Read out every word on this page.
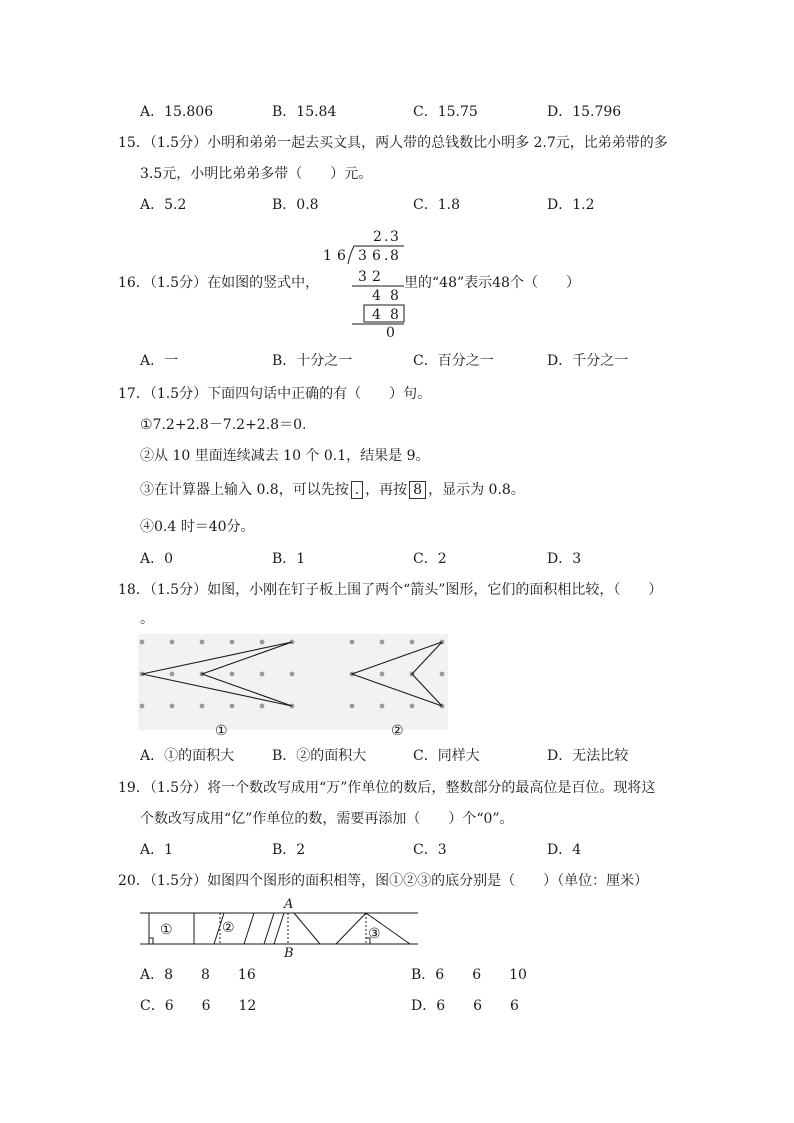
A．15.806	B．15.84	C．15.75	D．15.796
15．（1.5分）小明和弟弟一起去买文具，两人带的总钱数比小明多 2.7元，比弟弟带的多
3.5元，小明比弟弟多带（　　）元。
A．5.2	B．0.8	C．1.8	D．1.2
16．（1.5分）在如图的竖式中，
2 . 3
1 6 3 6 . 8
3 2
4 8
4 8
0
里的“48”表示48个（　　）
A．一	B．十分之一	C．百分之一	D．千分之一
17．（1.5分）下面四句话中正确的有（　　）句。
①7.2+2.8－7.2+2.8＝0.
②从 10 里面连续减去 10 个 0.1，结果是 9。
③在计算器上输入 0.8，可以先按 . ，再按 8 ，显示为 0.8。
④0.4 时＝40分。
A．0	B．1	C．2	D．3
18．（1.5分）如图，小刚在钉子板上围了两个“箭头”图形，它们的面积相比较，（　　）
。
①	②
A．①的面积大	B．②的面积大	C．同样大	D．无法比较
19．（1.5分）将一个数改写成用“万”作单位的数后，整数部分的最高位是百位。现将这
个数改写成用“亿”作单位的数，需要再添加（　　）个“0”。
A．1	B．2	C．3	D．4
20．（1.5分）如图四个图形的面积相等，图①②③的底分别是（　　）（单位：厘米）
A
B
①	②	③
A．8　　8　　16	B．6　　6　　10
C．6　　6　　12	D．6　　6　　6
